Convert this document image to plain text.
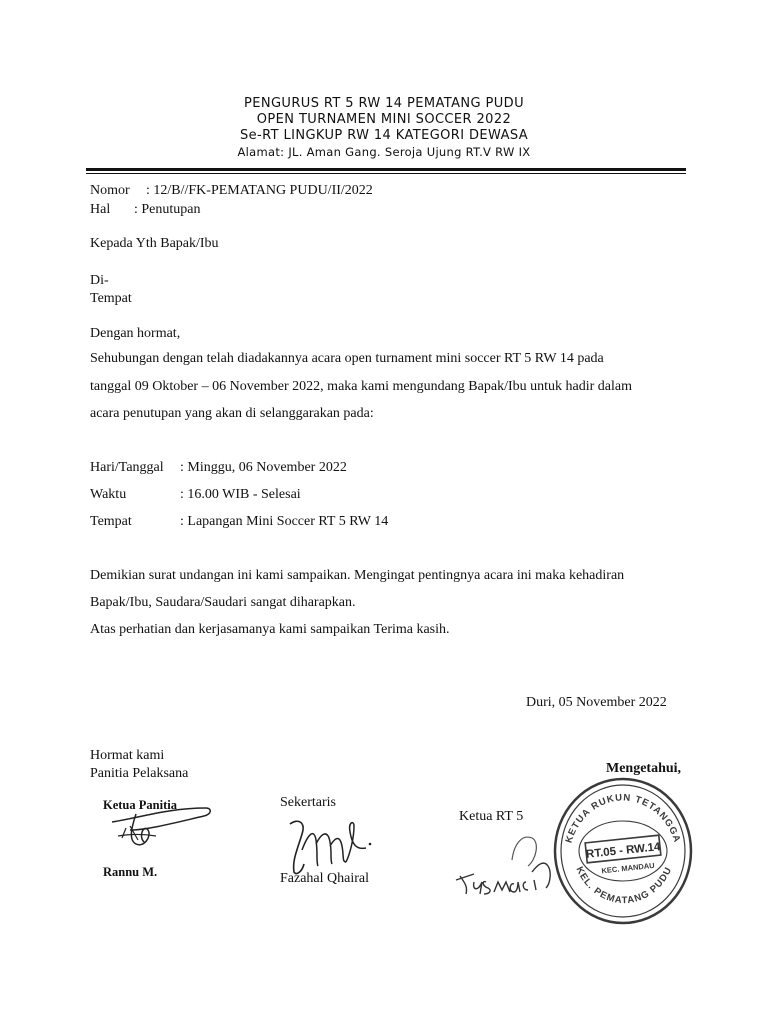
PENGURUS RT 5 RW 14 PEMATANG PUDU
OPEN TURNAMEN MINI SOCCER 2022
Se-RT LINGKUP RW 14 KATEGORI DEWASA
Alamat: JL. Aman Gang. Seroja Ujung RT.V RW IX
Nomor : 12/B//FK-PEMATANG PUDU/II/2022
Hal : Penutupan
Kepada Yth Bapak/Ibu
Di-
Tempat
Dengan hormat,
Sehubungan dengan telah diadakannya acara open turnament mini soccer RT 5 RW 14 pada
tanggal 09 Oktober – 06 November 2022, maka kami mengundang Bapak/Ibu untuk hadir dalam
acara penutupan yang akan di selanggarakan pada:
Hari/Tanggal : Minggu, 06 November 2022
Waktu	: 16.00 WIB - Selesai
Tempat	: Lapangan Mini Soccer RT 5 RW 14
Demikian surat undangan ini kami sampaikan. Mengingat pentingnya acara ini maka kehadiran
Bapak/Ibu, Saudara/Saudari sangat diharapkan.
Atas perhatian dan kerjasamanya kami sampaikan Terima kasih.
Duri, 05 November 2022
Hormat kami
Panitia Pelaksana	Mengetahui,
Ketua Panitia
Rannu M.
Sekertaris
Fazahal Qhairal
Ketua RT 5
KETUA RUKUN TETANGGA
KEL. PEMATANG PUDU
RT.05 - RW.14
KEC. MANDAU
